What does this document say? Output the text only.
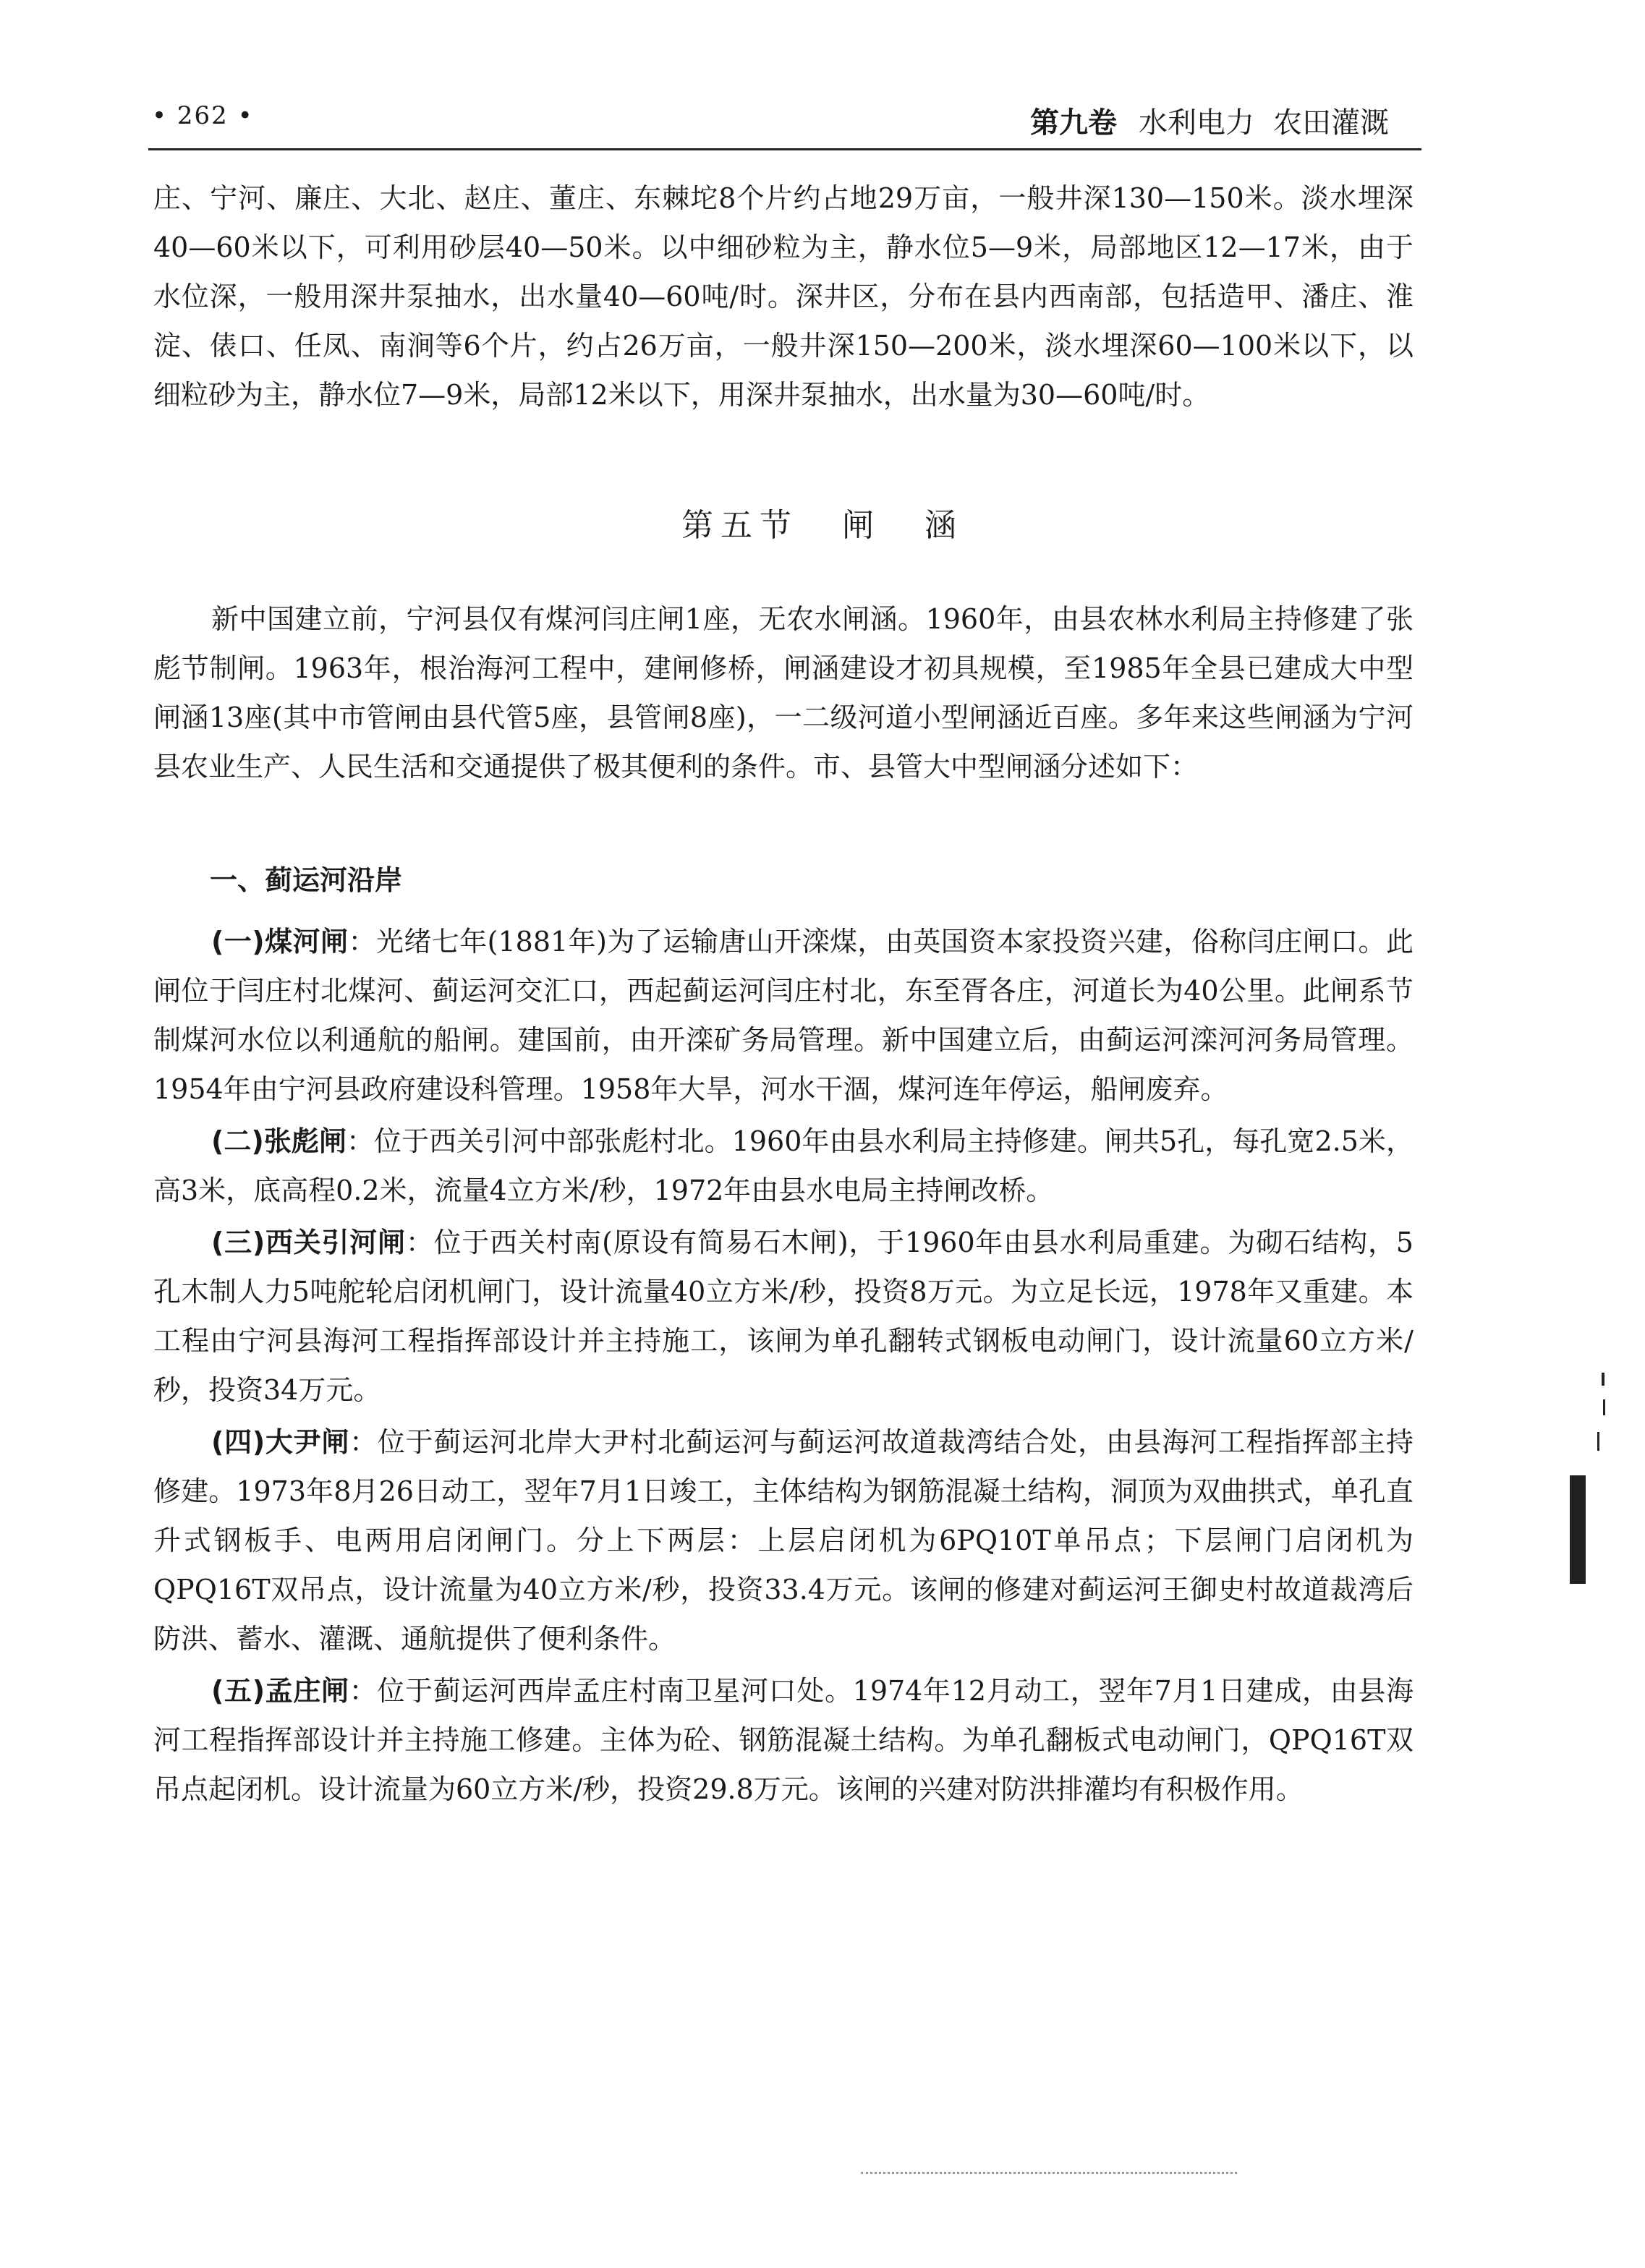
• 262 •	第九卷 水利电力 农田灌溉

庄、宁河、廉庄、大北、赵庄、董庄、东棘坨8个片约占地29万亩，一般井深130—150米。淡水埋深40—60米以下，可利用砂层40—50米。以中细砂粒为主，静水位5—9米，局部地区12—17米，由于水位深，一般用深井泵抽水，出水量40—60吨/时。深井区，分布在县内西南部，包括造甲、潘庄、淮淀、俵口、任凤、南涧等6个片，约占26万亩，一般井深150—200米，淡水埋深60—100米以下，以细粒砂为主，静水位7—9米，局部12米以下，用深井泵抽水，出水量为30—60吨/时。

第五节 闸 涵

新中国建立前，宁河县仅有煤河闫庄闸1座，无农水闸涵。1960年，由县农林水利局主持修建了张彪节制闸。1963年，根治海河工程中，建闸修桥，闸涵建设才初具规模，至1985年全县已建成大中型闸涵13座(其中市管闸由县代管5座，县管闸8座)，一二级河道小型闸涵近百座。多年来这些闸涵为宁河县农业生产、人民生活和交通提供了极其便利的条件。市、县管大中型闸涵分述如下：

一、蓟运河沿岸

(一)煤河闸：光绪七年(1881年)为了运输唐山开滦煤，由英国资本家投资兴建，俗称闫庄闸口。此闸位于闫庄村北煤河、蓟运河交汇口，西起蓟运河闫庄村北，东至胥各庄，河道长为40公里。此闸系节制煤河水位以利通航的船闸。建国前，由开滦矿务局管理。新中国建立后，由蓟运河滦河河务局管理。1954年由宁河县政府建设科管理。1958年大旱，河水干涸，煤河连年停运，船闸废弃。

(二)张彪闸：位于西关引河中部张彪村北。1960年由县水利局主持修建。闸共5孔，每孔宽2.5米，高3米，底高程0.2米，流量4立方米/秒，1972年由县水电局主持闸改桥。

(三)西关引河闸：位于西关村南(原设有简易石木闸)，于1960年由县水利局重建。为砌石结构，5孔木制人力5吨舵轮启闭机闸门，设计流量40立方米/秒，投资8万元。为立足长远，1978年又重建。本工程由宁河县海河工程指挥部设计并主持施工，该闸为单孔翻转式钢板电动闸门，设计流量60立方米/秒，投资34万元。

(四)大尹闸：位于蓟运河北岸大尹村北蓟运河与蓟运河故道裁湾结合处，由县海河工程指挥部主持修建。1973年8月26日动工，翌年7月1日竣工，主体结构为钢筋混凝土结构，洞顶为双曲拱式，单孔直升式钢板手、电两用启闭闸门。分上下两层：上层启闭机为6PQ10T单吊点；下层闸门启闭机为QPQ16T双吊点，设计流量为40立方米/秒，投资33.4万元。该闸的修建对蓟运河王御史村故道裁湾后防洪、蓄水、灌溉、通航提供了便利条件。

(五)孟庄闸：位于蓟运河西岸孟庄村南卫星河口处。1974年12月动工，翌年7月1日建成，由县海河工程指挥部设计并主持施工修建。主体为砼、钢筋混凝土结构。为单孔翻板式电动闸门，QPQ16T双吊点起闭机。设计流量为60立方米/秒，投资29.8万元。该闸的兴建对防洪排灌均有积极作用。
